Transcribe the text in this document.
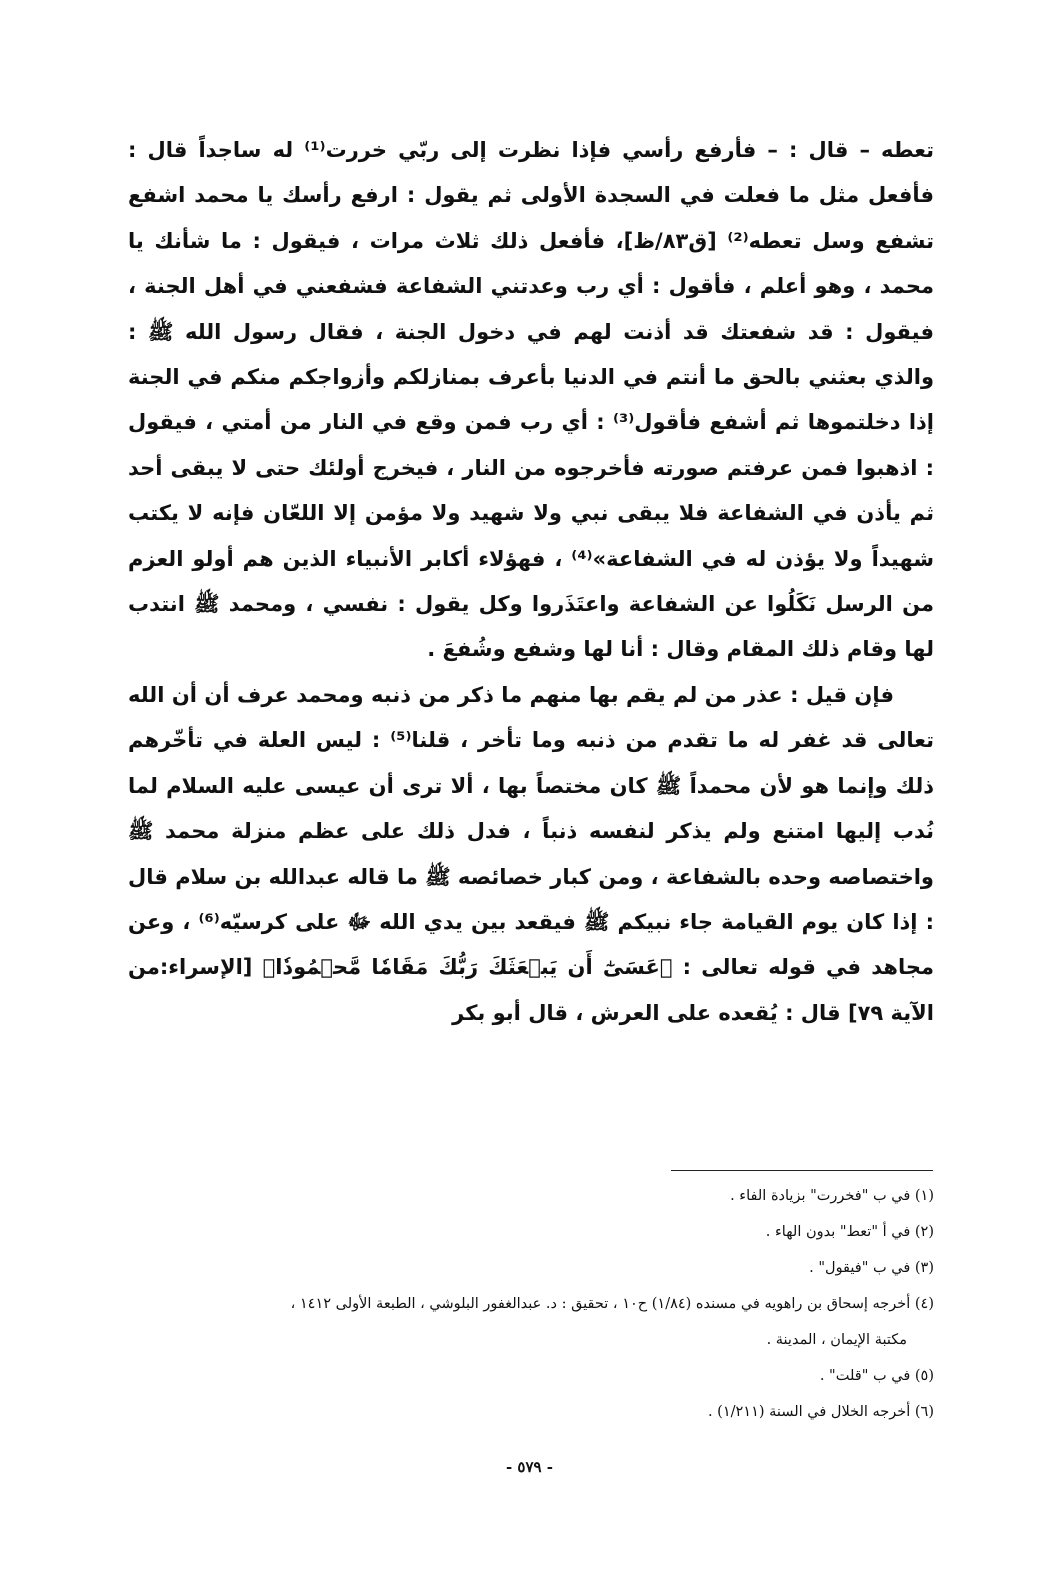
تعطه – قال : – فأرفع رأسي فإذا نظرت إلى ربّي خررت⁽¹⁾ له ساجداً قال : فأفعل مثل ما فعلت في السجدة الأولى ثم يقول : ارفع رأسك يا محمد اشفع تشفع وسل تعطه⁽²⁾ [ق٨٣/ظ]، فأفعل ذلك ثلاث مرات ، فيقول : ما شأنك يا محمد ، وهو أعلم ، فأقول : أي رب وعدتني الشفاعة فشفعني في أهل الجنة ، فيقول : قد شفعتك قد أذنت لهم في دخول الجنة ، فقال رسول الله ﷺ : والذي بعثني بالحق ما أنتم في الدنيا بأعرف بمنازلكم وأزواجكم منكم في الجنة إذا دخلتموها ثم أشفع فأقول⁽³⁾ : أي رب فمن وقع في النار من أمتي ، فيقول : اذهبوا فمن عرفتم صورته فأخرجوه من النار ، فيخرج أولئك حتى لا يبقى أحد ثم يأذن في الشفاعة فلا يبقى نبي ولا شهيد ولا مؤمن إلا اللعّان فإنه لا يكتب شهيداً ولا يؤذن له في الشفاعة»⁽⁴⁾ ، فهؤلاء أكابر الأنبياء الذين هم أولو العزم من الرسل نَكَلُوا عن الشفاعة واعتَذَروا وكل يقول : نفسي ، ومحمد ﷺ انتدب لها وقام ذلك المقام وقال : أنا لها وشفع وشُفعَ .

فإن قيل : عذر من لم يقم بها منهم ما ذكر من ذنبه ومحمد عرف أن أن الله تعالى قد غفر له ما تقدم من ذنبه وما تأخر ، قلنا⁽⁵⁾ : ليس العلة في تأخّرهم ذلك وإنما هو لأن محمداً ﷺ كان مختصاً بها ، ألا ترى أن عيسى عليه السلام لما نُدب إليها امتنع ولم يذكر لنفسه ذنباً ، فدل ذلك على عظم منزلة محمد ﷺ واختصاصه وحده بالشفاعة ، ومن كبار خصائصه ﷺ ما قاله عبدالله بن سلام قال : إذا كان يوم القيامة جاء نبيكم ﷺ فيقعد بين يدي الله ﷻ على كرسيّه⁽⁶⁾ ، وعن مجاهد في قوله تعالى : ﴿عَسَىٰٓ أَن يَبۡعَثَكَ رَبُّكَ مَقَامٗا مَّحۡمُودٗا﴾ [الإسراء:من الآية ٧٩] قال : يُقعده على العرش ، قال أبو بكر

(١) في ب "فخررت" بزيادة الفاء .

(٢) في أ "تعط" بدون الهاء .

(٣) في ب "فيقول" .

(٤) أخرجه إسحاق بن راهويه في مسنده (١/٨٤) ح١٠ ، تحقيق : د. عبدالغفور البلوشي ، الطبعة الأولى ١٤١٢ ،

مكتبة الإيمان ، المدينة .

(٥) في ب "قلت" .

(٦) أخرجه الخلال في السنة (١/٢١١) .

- ٥٧٩ -
